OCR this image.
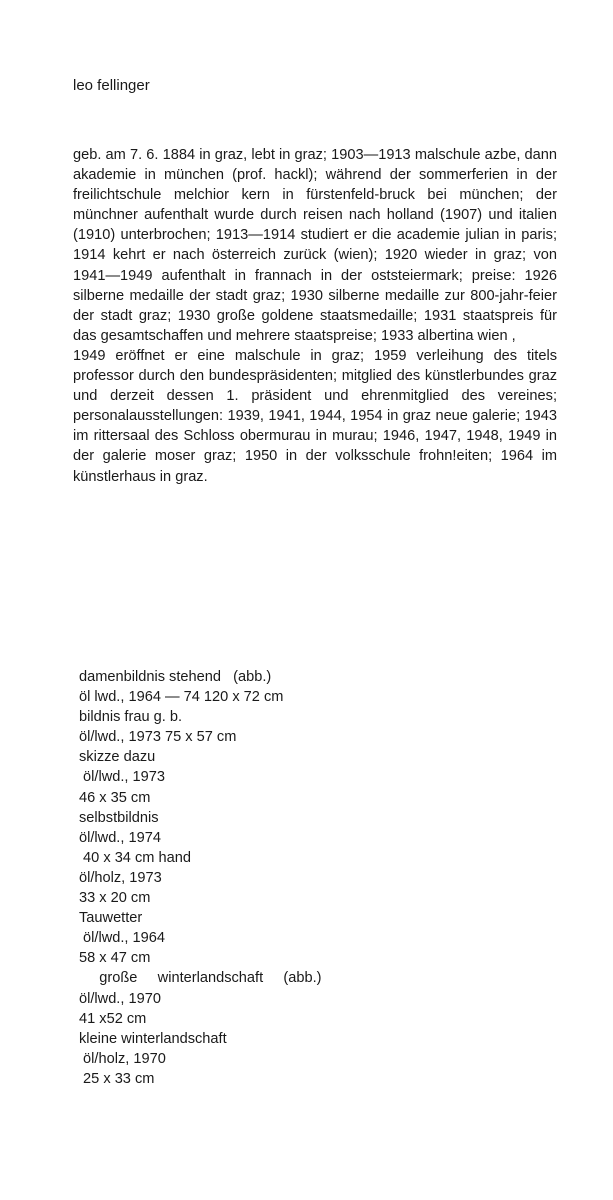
leo fellinger

geb. am 7. 6. 1884 in graz, lebt in graz; 1903—1913 malschule azbe, dann akademie in münchen (prof. hackl); während der sommerferien in der freilichtschule melchior kern in fürstenfeld-bruck bei münchen; der münchner aufenthalt wurde durch reisen nach holland (1907) und italien (1910) unterbrochen; 1913—1914 studiert er die academie julian in paris; 1914 kehrt er nach österreich zurück (wien); 1920 wieder in graz; von 1941—1949 aufenthalt in frannach in der oststeiermark; preise: 1926 silberne medaille der stadt graz; 1930 silberne medaille zur 800-jahr-feier der stadt graz; 1930 große goldene staatsmedaille; 1931 staatspreis für das gesamtschaffen und mehrere staatspreise; 1933 albertina wien ,

1949 eröffnet er eine malschule in graz; 1959 verleihung des titels professor durch den bundespräsidenten; mitglied des künstlerbundes graz und derzeit dessen 1. präsident und ehrenmitglied des vereines; personalausstellungen: 1939, 1941, 1944, 1954 in graz neue galerie; 1943 im rittersaal des Schloss obermurau in murau; 1946, 1947, 1948, 1949 in der galerie moser graz; 1950 in der volksschule frohn!eiten; 1964 im künstlerhaus in graz.

damenbildnis stehend   (abb.)
öl lwd., 1964 — 74 120 x 72 cm
bildnis frau g. b.
öl/lwd., 1973 75 x 57 cm
skizze dazu
öl/lwd., 1973
46 x 35 cm
selbstbildnis
öl/lwd., 1974
40 x 34 cm hand
öl/holz, 1973
33 x 20 cm
Tauwetter
öl/lwd., 1964
58 x 47 cm
große     winterlandschaft     (abb.)
öl/lwd., 1970
41 x52 cm
kleine winterlandschaft
öl/holz, 1970
25 x 33 cm
